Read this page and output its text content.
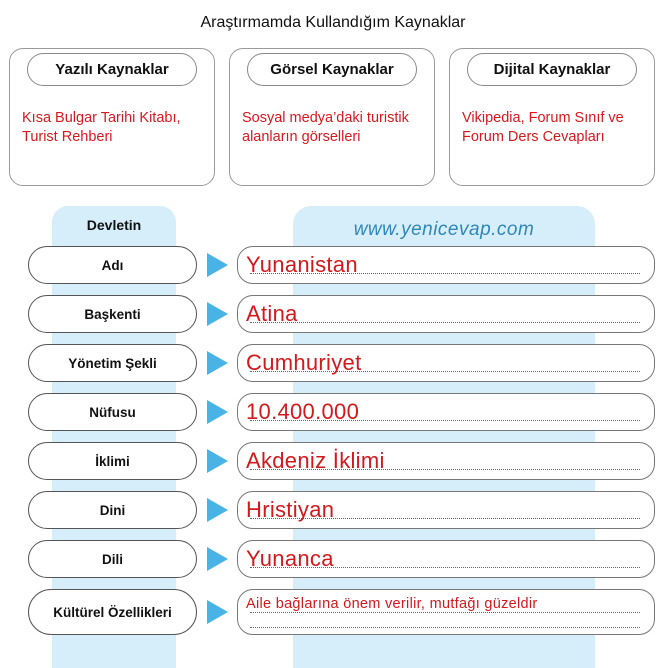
Araştırmamda Kullandığım Kaynaklar
Yazılı Kaynaklar
Kısa Bulgar Tarihi Kitabı, Turist Rehberi
Görsel Kaynaklar
Sosyal medya’daki turistik alanların görselleri
Dijital Kaynaklar
Vikipedia, Forum Sınıf ve Forum Ders Cevapları
Devletin	www.yenicevap.com
Adı	Yunanistan
Başkenti	Atina
Yönetim Şekli	Cumhuriyet
Nüfusu	10.400.000
İklimi	Akdeniz İklimi
Dini	Hristiyan
Dili	Yunanca
Kültürel Özellikleri	Aile bağlarına önem verilir, mutfağı güzeldir
